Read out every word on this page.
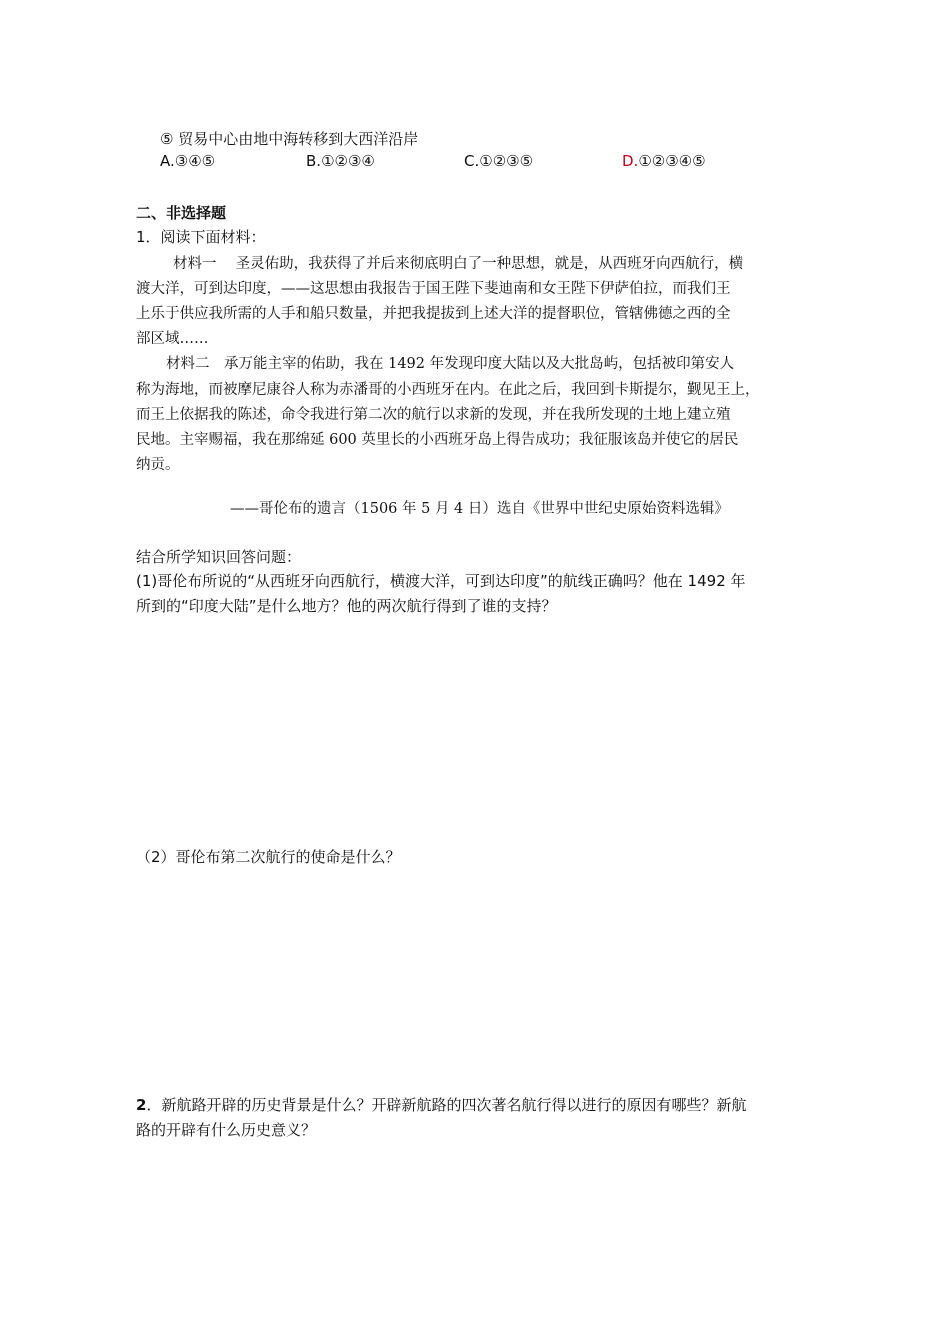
⑤ 贸易中心由地中海转移到大西洋沿岸
A.③④⑤	B.①②③④	C.①②③⑤	D.①②③④⑤
二、非选择题
1．阅读下面材料：
材料一　 圣灵佑助，我获得了并后来彻底明白了一种思想，就是，从西班牙向西航行，横
渡大洋，可到达印度，——这思想由我报告于国王陛下斐迪南和女王陛下伊萨伯拉，而我们王
上乐于供应我所需的人手和船只数量，并把我提拔到上述大洋的提督职位，管辖佛德之西的全
部区域……
材料二　承万能主宰的佑助，我在 1492 年发现印度大陆以及大批岛屿，包括被印第安人
称为海地，而被摩尼康谷人称为赤潘哥的小西班牙在内。在此之后，我回到卡斯提尔，觐见王上，
而王上依据我的陈述，命令我进行第二次的航行以求新的发现，并在我所发现的土地上建立殖
民地。主宰赐福，我在那绵延 600 英里长的小西班牙岛上得告成功；我征服该岛并使它的居民
纳贡。
——哥伦布的遗言（1506 年 5 月 4 日）选自《世界中世纪史原始资料选辑》
结合所学知识回答问题：
(1)哥伦布所说的“从西班牙向西航行，横渡大洋，可到达印度”的航线正确吗？他在 1492 年
所到的“印度大陆”是什么地方？他的两次航行得到了谁的支持？
（2）哥伦布第二次航行的使命是什么？
2．新航路开辟的历史背景是什么？开辟新航路的四次著名航行得以进行的原因有哪些？新航
路的开辟有什么历史意义？
